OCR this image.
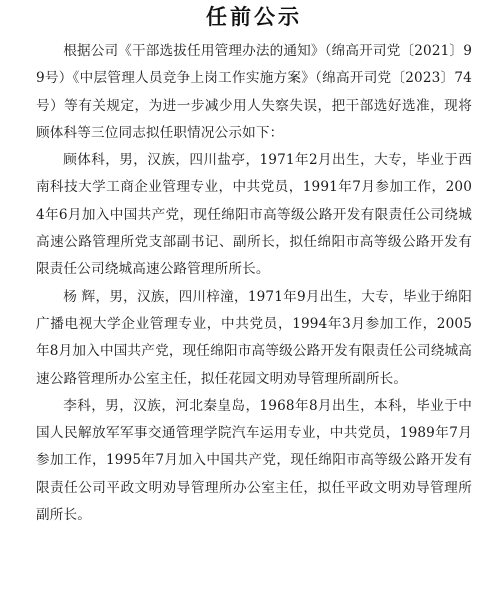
任前公示

根据公司《干部选拔任用管理办法的通知》（绵高开司党〔2021〕99号）《中层管理人员竞争上岗工作实施方案》（绵高开司党〔2023〕74号）等有关规定，为进一步减少用人失察失误，把干部选好选准，现将顾体科等三位同志拟任职情况公示如下：

顾体科，男，汉族，四川盐亭，1971年2月出生，大专，毕业于西南科技大学工商企业管理专业，中共党员，1991年7月参加工作，2004年6月加入中国共产党，现任绵阳市高等级公路开发有限责任公司绕城高速公路管理所党支部副书记、副所长，拟任绵阳市高等级公路开发有限责任公司绕城高速公路管理所所长。

杨 辉，男，汉族，四川梓潼，1971年9月出生，大专，毕业于绵阳广播电视大学企业管理专业，中共党员，1994年3月参加工作，2005年8月加入中国共产党，现任绵阳市高等级公路开发有限责任公司绕城高速公路管理所办公室主任，拟任花园文明劝导管理所副所长。

李科，男，汉族，河北秦皇岛，1968年8月出生，本科，毕业于中国人民解放军军事交通管理学院汽车运用专业，中共党员，1989年7月参加工作，1995年7月加入中国共产党，现任绵阳市高等级公路开发有限责任公司平政文明劝导管理所办公室主任，拟任平政文明劝导管理所副所长。
